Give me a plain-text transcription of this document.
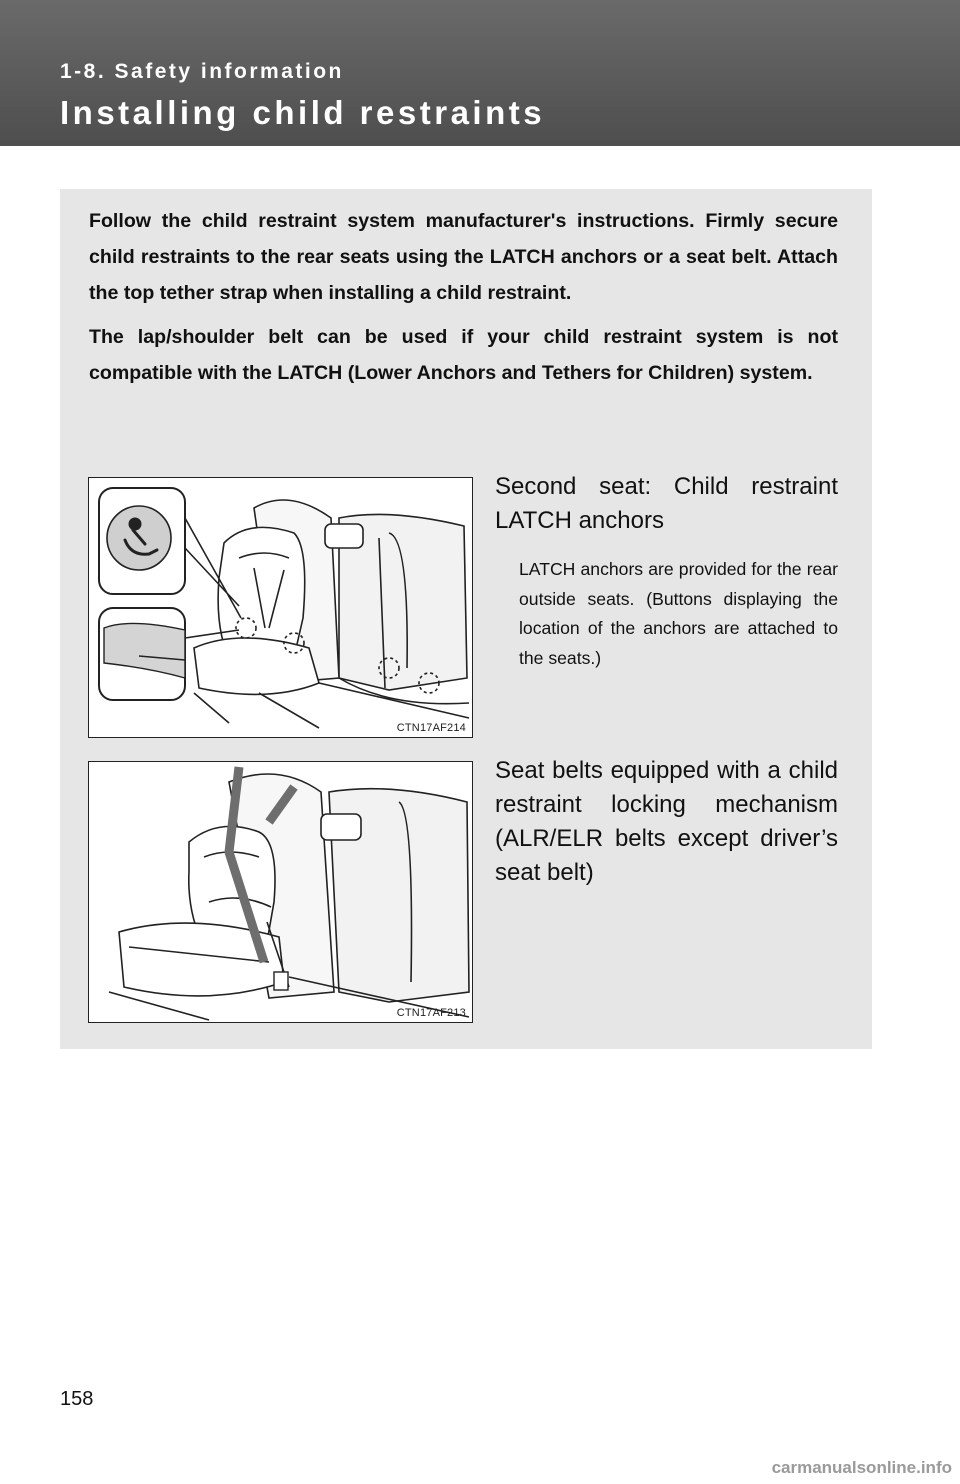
1-8. Safety information
Installing child restraints

Follow the child restraint system manufacturer's instructions. Firmly secure child restraints to the rear seats using the LATCH anchors or a seat belt. Attach the top tether strap when installing a child restraint.

The lap/shoulder belt can be used if your child restraint system is not compatible with the LATCH (Lower Anchors and Tethers for Children) system.

CTN17AF214

Second seat: Child restraint LATCH anchors

LATCH anchors are provided for the rear outside seats. (Buttons displaying the location of the anchors are attached to the seats.)

CTN17AF213

Seat belts equipped with a child restraint locking mechanism (ALR/ELR belts except driver’s seat belt)

158
carmanualsonline.info
